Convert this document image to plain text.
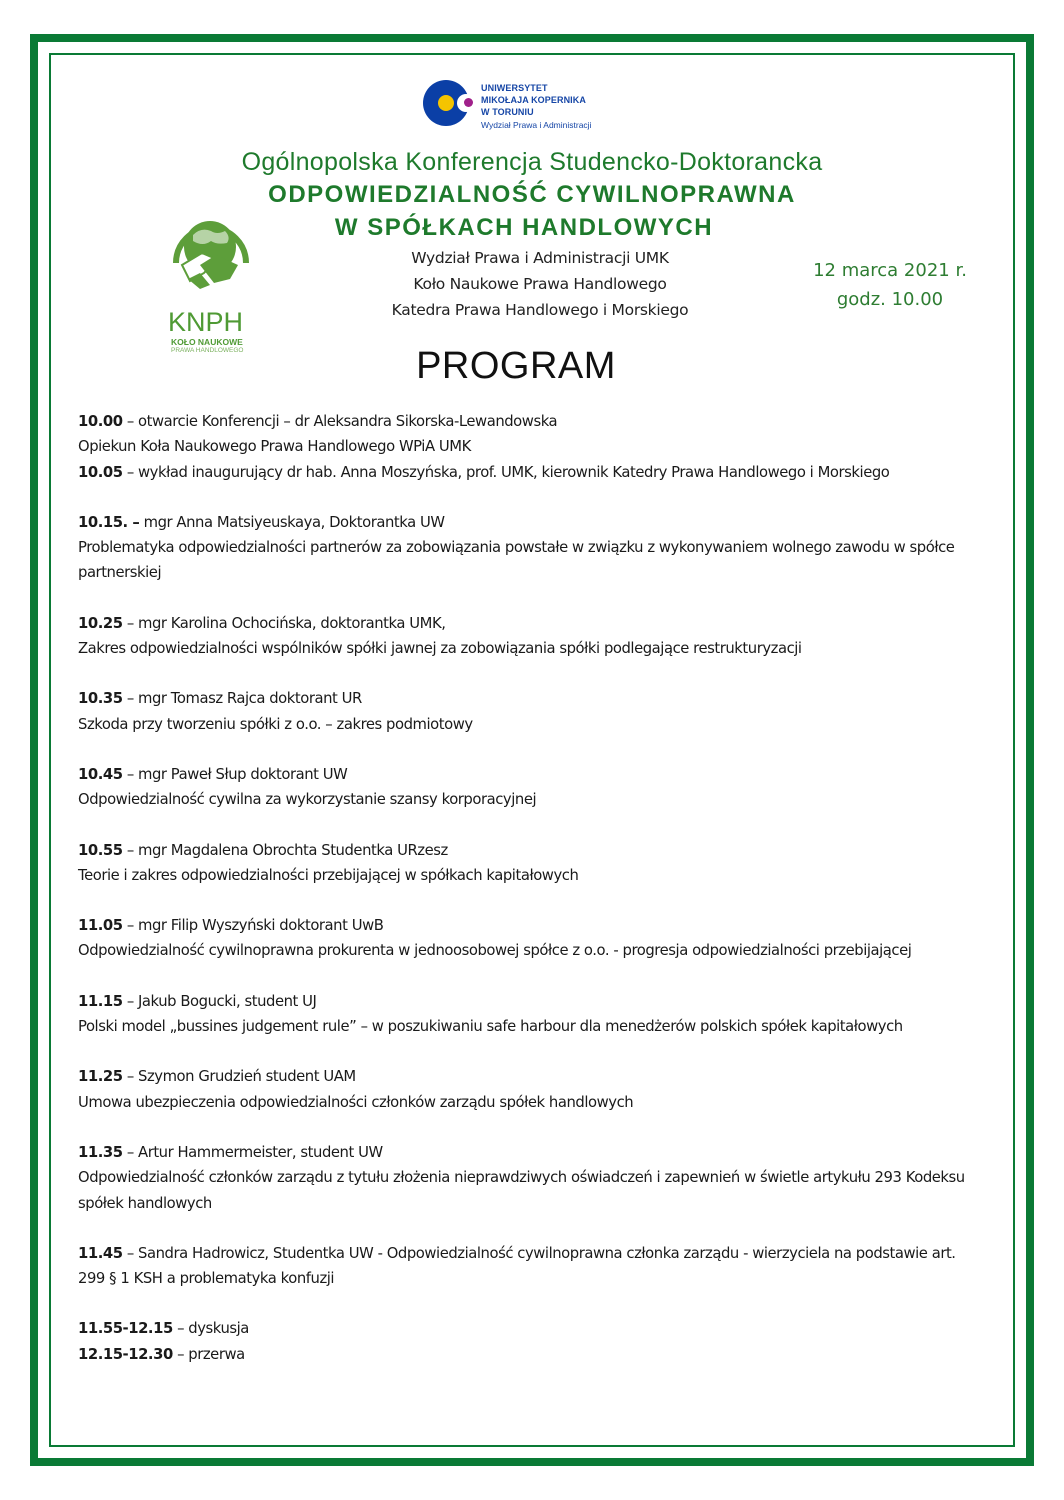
UNIWERSYTET
MIKOŁAJA KOPERNIKA
W TORUNIU
Wydział Prawa i Administracji
Ogólnopolska Konferencja Studencko-Doktorancka
ODPOWIEDZIALNOŚĆ CYWILNOPRAWNA
W SPÓŁKACH HANDLOWYCH
KNPH
KOŁO NAUKOWE
PRAWA HANDLOWEGO
Wydział Prawa i Administracji UMK
Koło Naukowe Prawa Handlowego
Katedra Prawa Handlowego i Morskiego
12 marca 2021 r.
godz. 10.00
PROGRAM
10.00 – otwarcie Konferencji – dr Aleksandra Sikorska-Lewandowska
Opiekun Koła Naukowego Prawa Handlowego WPiA UMK
10.05 – wykład inaugurujący dr hab. Anna Moszyńska, prof. UMK, kierownik Katedry Prawa Handlowego i Morskiego
10.15. – mgr Anna Matsiyeuskaya, Doktorantka UW
Problematyka odpowiedzialności partnerów za zobowiązania powstałe w związku z wykonywaniem wolnego zawodu w spółce partnerskiej
10.25 – mgr Karolina Ochocińska, doktorantka UMK,
Zakres odpowiedzialności wspólników spółki jawnej za zobowiązania spółki podlegające restrukturyzacji
10.35 – mgr Tomasz Rajca doktorant UR
Szkoda przy tworzeniu spółki z o.o. – zakres podmiotowy
10.45 – mgr Paweł Słup doktorant UW
Odpowiedzialność cywilna za wykorzystanie szansy korporacyjnej
10.55 – mgr Magdalena Obrochta Studentka URzesz
Teorie i zakres odpowiedzialności przebijającej w spółkach kapitałowych
11.05 – mgr Filip Wyszyński doktorant UwB
Odpowiedzialność cywilnoprawna prokurenta w jednoosobowej spółce z o.o. - progresja odpowiedzialności przebijającej
11.15 – Jakub Bogucki, student UJ
Polski model „bussines judgement rule” – w poszukiwaniu safe harbour dla menedżerów polskich spółek kapitałowych
11.25 – Szymon Grudzień student UAM
Umowa ubezpieczenia odpowiedzialności członków zarządu spółek handlowych
11.35 – Artur Hammermeister, student UW
Odpowiedzialność członków zarządu z tytułu złożenia nieprawdziwych oświadczeń i zapewnień w świetle artykułu 293 Kodeksu spółek handlowych
11.45 – Sandra Hadrowicz, Studentka UW - Odpowiedzialność cywilnoprawna członka zarządu - wierzyciela na podstawie art. 299 § 1 KSH a problematyka konfuzji
11.55-12.15 – dyskusja
12.15-12.30 – przerwa
